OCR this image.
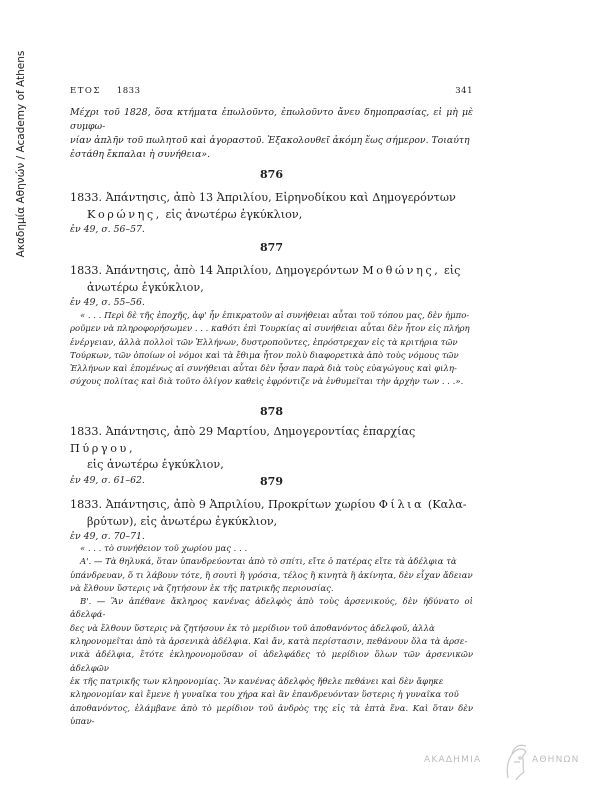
Ακαδημία Αθηνών / Academy of Athens	ΕΤΟΣ 1833	341
Μέχρι τοῦ 1828, ὅσα κτήματα ἐπωλοῦντο, ἐπωλοῦντο ἄνευ δημοπρασίας, εἰ μὴ μὲ συμφω-
νίαν ἀπλῆν τοῦ πωλητοῦ καὶ ἀγοραστοῦ. Ἐξακολουθεῖ ἀκόμη ἕως σήμερον. Τοιαύτη
ἐστάθη ἔκπαλαι ἡ συνήθεια».
876
1833. Ἀπάντησις, ἀπὸ 13 Ἀπριλίου, Εἰρηνοδίκου καὶ Δημογερόντων
Κορώνης, εἰς ἀνωτέρω ἐγκύκλιον,
ἐν 49, σ. 56–57.
877
1833. Ἀπάντησις, ἀπὸ 14 Ἀπριλίου, Δημογερόντων Μοθώνης, εἰς
ἀνωτέρω ἐγκύκλιον,
ἐν 49, σ. 55–56.

« . . . Περὶ δὲ τῆς ἐποχῆς, ἀφ' ἧν ἐπικρατοῦν αἱ συνήθειαι αὗται τοῦ τόπου μας, δὲν ἠμπο-

ροῦμεν νὰ πληροφορήσωμεν . . . καθότι ἐπὶ Τουρκίας αἱ συνήθειαι αὗται δὲν ἦτον εἰς πλήρη

ἐνέργειαν, ἀλλὰ πολλοὶ τῶν Ἑλλήνων, δυστροποῦντες, ἐπρόστρεχαν εἰς τὰ κριτήρια τῶν

Τούρκων, τῶν ὁποίων οἱ νόμοι καὶ τὰ ἔθιμα ἦτον πολὺ διαφορετικὰ ἀπὸ τοὺς νόμους τῶν

Ἑλλήνων καὶ ἑπομένως αἱ συνήθειαι αὗται δὲν ἦσαν παρὰ διὰ τοὺς εὐαγώγους καὶ φιλη-

σύχους πολίτας καὶ διὰ τοῦτο ὀλίγον καθεὶς ἐφρόντιζε νὰ ἐνθυμεῖται τὴν ἀρχὴν των . . .».

878
1833. Ἀπάντησις, ἀπὸ 29 Μαρτίου, Δημογεροντίας ἐπαρχίας Πύργου,
εἰς ἀνωτέρω ἐγκύκλιον,
ἐν 49, σ. 61–62.	879
1833. Ἀπάντησις, ἀπὸ 9 Ἀπριλίου, Προκρίτων χωρίου Φίλια (Καλα-
βρύτων), εἰς ἀνωτέρω ἐγκύκλιον,
ἐν 49, σ. 70–71.

« . . . τὸ συνήθειον τοῦ χωρίου μας . . .

Α'. — Τὰ θηλυκά, ὅταν ὑπανδρεύονται ἀπὸ τὸ σπίτι, εἴτε ὁ πατέρας εἴτε τὰ ἀδέλφια τὰ

ὑπάνδρευαν, ὅ τι λάβουν τότε, ἢ σουτὶ ἢ γρόσια, τέλος ἢ κινητὰ ἢ ἀκίνητα, δὲν εἶχαν ἄδειαν

νὰ ἔλθουν ὕστερις νὰ ζητήσουν ἐκ τῆς πατρικῆς περιουσίας.

Β'. — Ἂν ἀπέθανε ἄκληρος κανένας ἀδελφὸς ἀπὸ τοὺς ἀρσενικούς, δὲν ἠδύνατο οἱ ἀδελφά-

δες νὰ ἔλθουν ὕστερις νὰ ζητήσουν ἐκ τὸ μερίδιον τοῦ ἀποθανόντος ἀδελφοῦ, ἀλλὰ

κληρονομεῖται ἀπὸ τὰ ἀρσενικὰ ἀδέλφια. Καὶ ἄν, κατὰ περίστασιν, πεθάνουν ὅλα τὰ ἀρσε-

νικὰ ἀδέλφια, ἔτότε ἐκληρονομοῦσαν οἱ ἀδελφάδες τὸ μερίδιον ὅλων τῶν ἀρσενικῶν ἀδελφῶν

ἐκ τῆς πατρικῆς των κληρονομίας. Ἂν κανένας ἀδελφὸς ἤθελε πεθάνει καὶ δὲν ἄφηκε

κληρονομίαν καὶ ἔμενε ἡ γυναῖκα του χήρα καὶ ἂν ἐπανδρευόνταν ὕστερις ἡ γυναῖκα τοῦ

ἀποθανόντος, ἐλάμβανε ἀπὸ τὸ μερίδιον τοῦ ἀνδρὸς της εἰς τὰ ἑπτὰ ἕνα. Καὶ ὅταν δὲν ὑπαν-

ΑΚΑΔΗΜΙΑ	ΑΘΗΝΩΝ
